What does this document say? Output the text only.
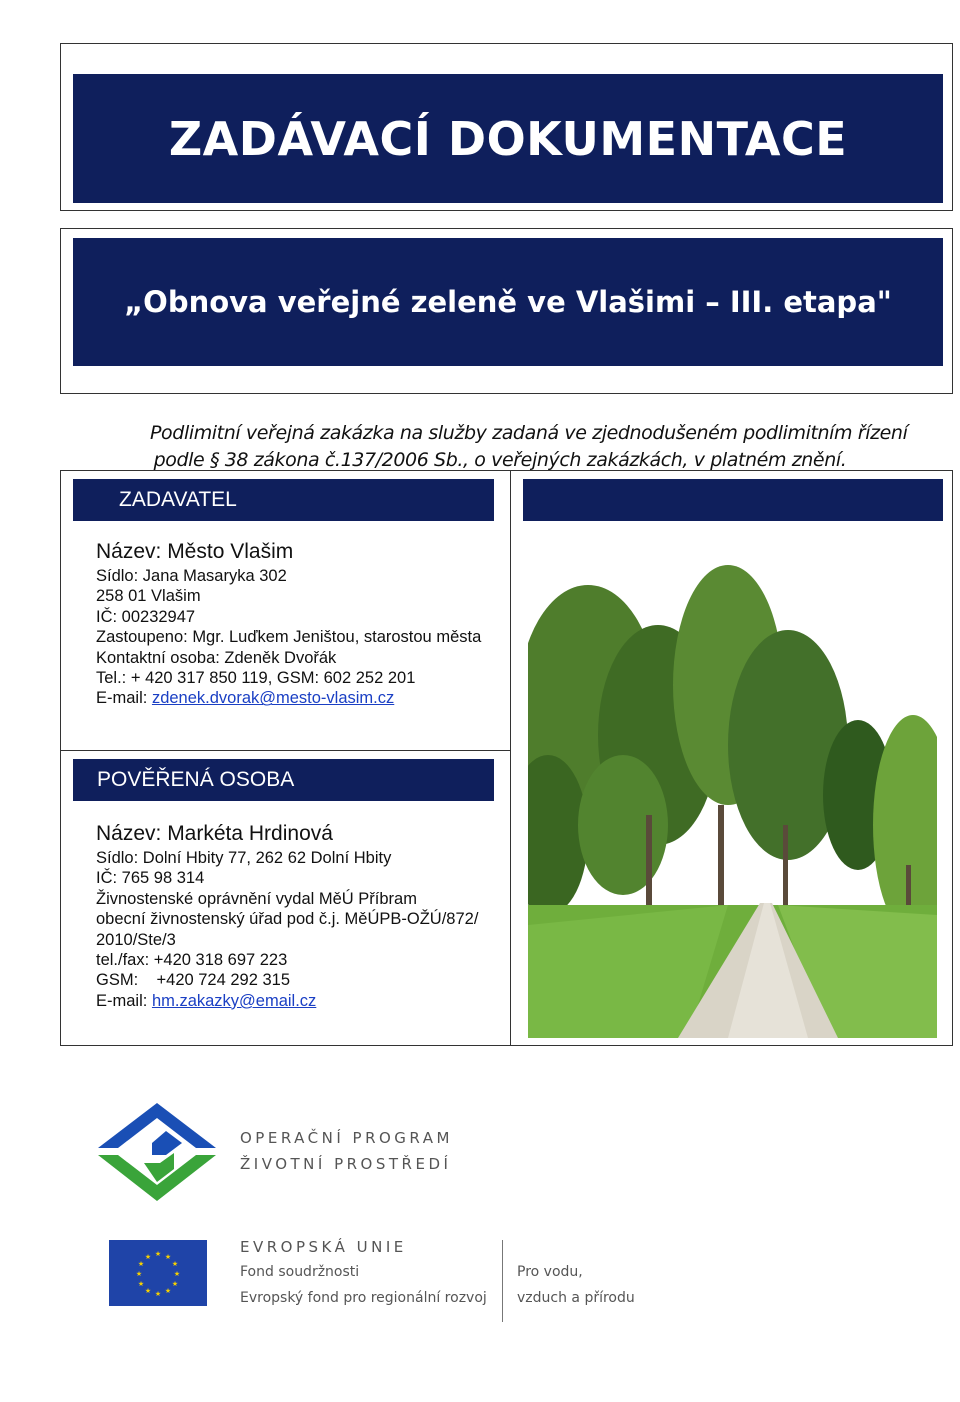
ZADÁVACÍ DOKUMENTACE
„Obnova veřejné zeleně ve Vlašimi – III. etapa"
Podlimitní veřejná zakázka na služby zadaná ve zjednodušeném podlimitním řízení
podle § 38 zákona č.137/2006 Sb., o veřejných zakázkách, v platném znění.
ZADAVATEL
Název: Město Vlašim
Sídlo: Jana Masaryka 302
258 01 Vlašim
IČ: 00232947
Zastoupeno: Mgr. Luďkem Jeništou, starostou města
Kontaktní osoba: Zdeněk Dvořák
Tel.: + 420 317 850 119, GSM: 602 252 201
E-mail: zdenek.dvorak@mesto-vlasim.cz
POVĚŘENÁ OSOBA
Název: Markéta Hrdinová
Sídlo: Dolní Hbity 77, 262 62 Dolní Hbity
IČ: 765 98 314
Živnostenské oprávnění vydal MěÚ Příbram
obecní živnostenský úřad pod č.j. MěÚPB-OŽÚ/872/
2010/Ste/3
tel./fax: +420 318 697 223
GSM:    +420 724 292 315
E-mail: hm.zakazky@email.cz
OPERAČNÍ PROGRAM
ŽIVOTNÍ PROSTŘEDÍ
★ ★
★
★
★
★
★
★
★
★
★
★
EVROPSKÁ UNIE
Fond soudržnosti
Evropský fond pro regionální rozvoj
Pro vodu,
vzduch a přírodu
